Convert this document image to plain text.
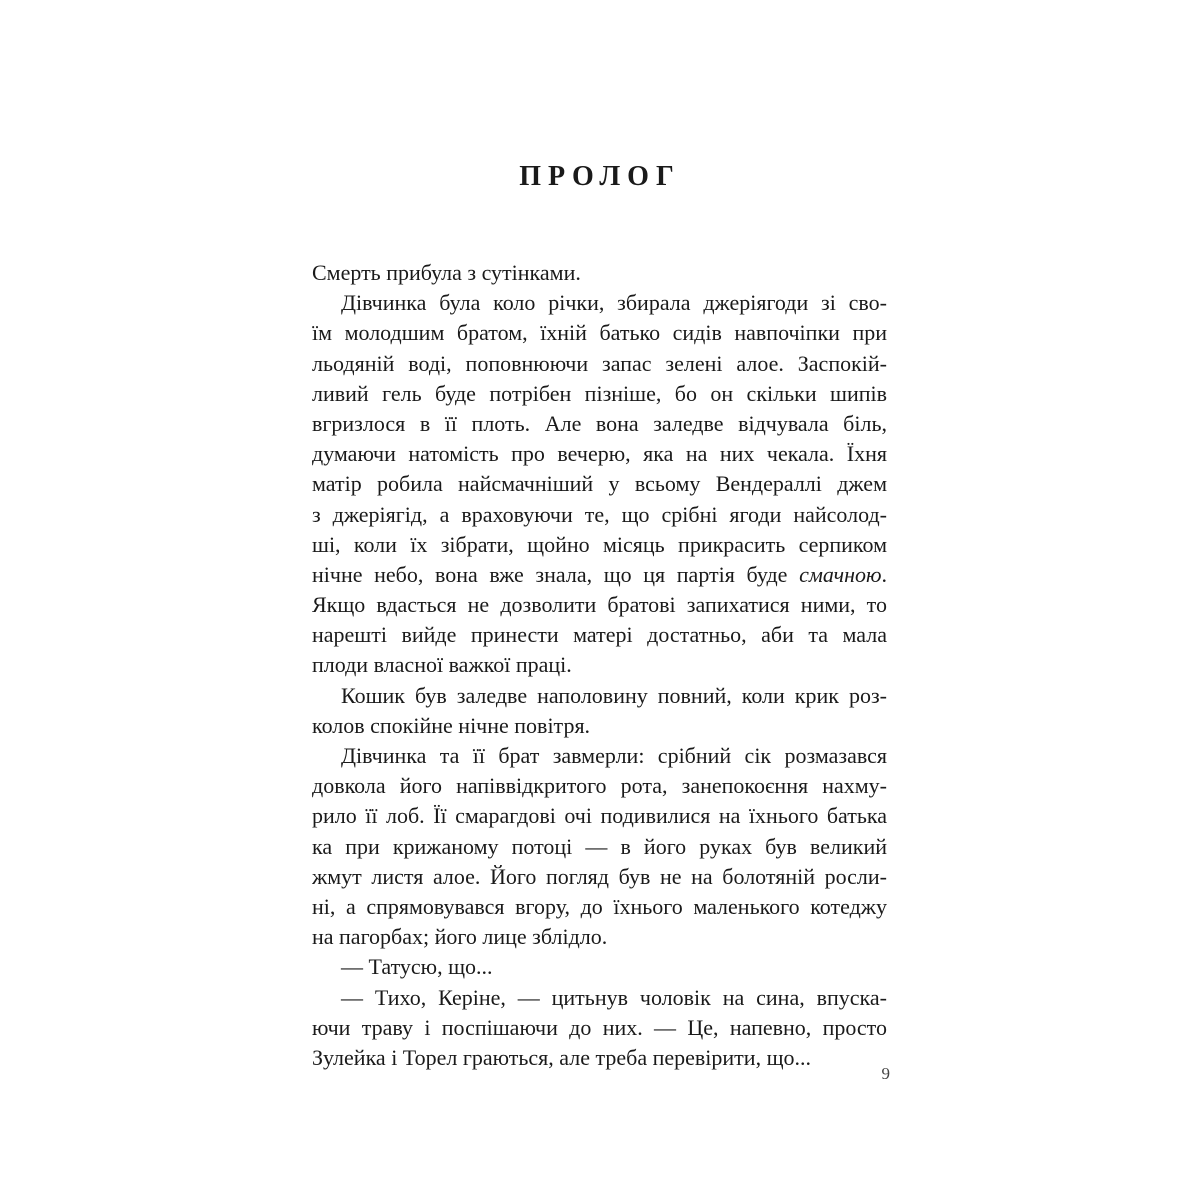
ПРОЛОГ
Смерть прибула з сутінками.
Дівчинка була коло річки, збирала джеріягоди зі сво-
їм молодшим братом, їхній батько сидів навпочіпки при
льодяній воді, поповнюючи запас зелені алое. Заспокій-
ливий гель буде потрібен пізніше, бо он скільки шипів
вгризлося в її плоть. Але вона заледве відчувала біль,
думаючи натомість про вечерю, яка на них чекала. Їхня
матір робила найсмачніший у всьому Вендераллі джем
з джеріягід, а враховуючи те, що срібні ягоди найсолод-
ші, коли їх зібрати, щойно місяць прикрасить серпиком
нічне небо, вона вже знала, що ця партія буде смачною.
Якщо вдасться не дозволити братові запихатися ними, то
нарешті вийде принести матері достатньо, аби та мала
плоди власної важкої праці.
Кошик був заледве наполовину повний, коли крик роз-
колов спокійне нічне повітря.
Дівчинка та її брат завмерли: срібний сік розмазався
довкола його напіввідкритого рота, занепокоєння нахму-
рило її лоб. Її смарагдові очі подивилися на їхнього батька
ка при крижаному потоці — в його руках був великий
жмут листя алое. Його погляд був не на болотяній росли-
ні, а спрямовувався вгору, до їхнього маленького котеджу
на пагорбах; його лице зблідло.
— Татусю, що...
— Тихо, Керіне, — цитьнув чоловік на сина, впуска-
ючи траву і поспішаючи до них. — Це, напевно, просто
Зулейка і Торел граються, але треба перевірити, що...
9
